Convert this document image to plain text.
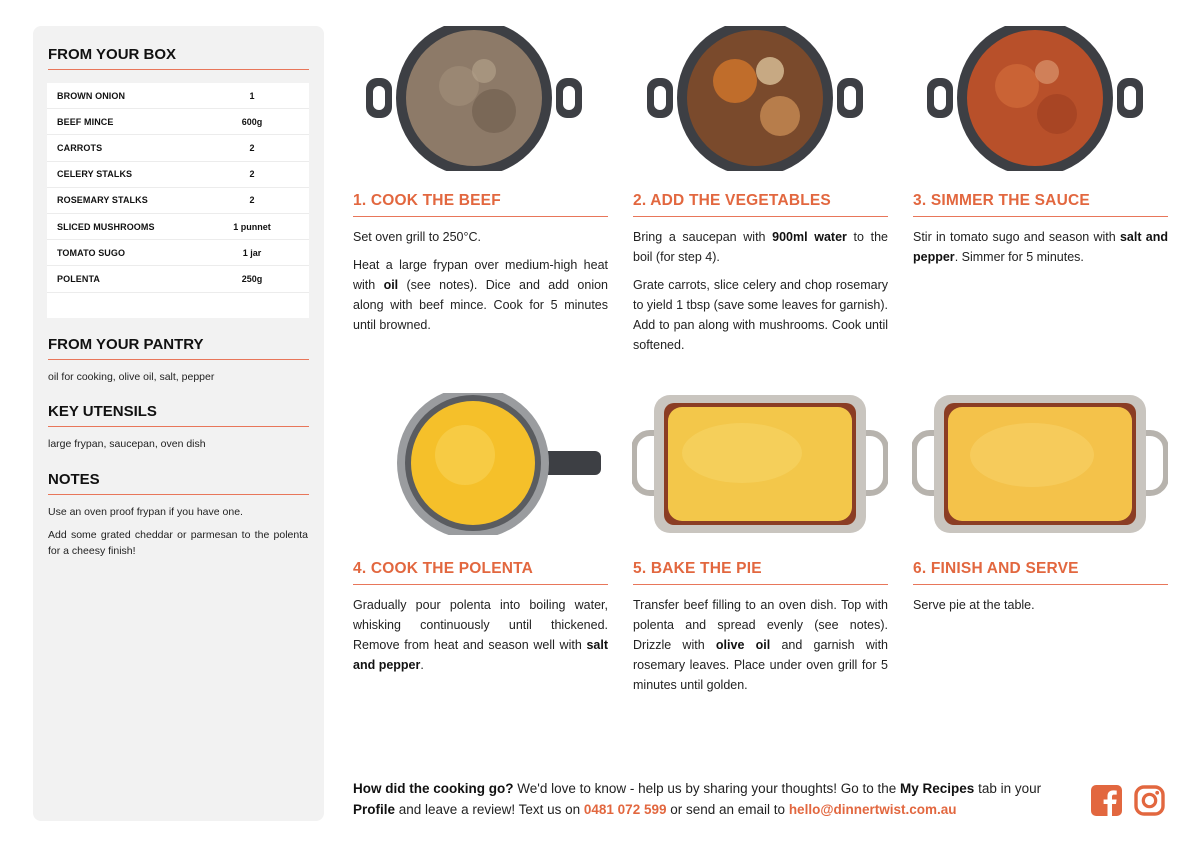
FROM YOUR BOX
BROWN ONION	1
BEEF MINCE	600g
CARROTS	2
CELERY STALKS	2
ROSEMARY STALKS	2
SLICED MUSHROOMS	1 punnet
TOMATO SUGO	1 jar
POLENTA	250g
FROM YOUR PANTRY
oil for cooking, olive oil, salt, pepper
KEY UTENSILS
large frypan, saucepan, oven dish
NOTES

Use an oven proof frypan if you have one.

Add some grated cheddar or parmesan to the polenta for a cheesy finish!

1. COOK THE BEEF

Set oven grill to 250°C.

Heat a large frypan over medium-high heat with oil (see notes). Dice and add onion along with beef mince. Cook for 5 minutes until browned.

2. ADD THE VEGETABLES

Bring a saucepan with 900ml water to the boil (for step 4).

Grate carrots, slice celery and chop rosemary to yield 1 tbsp (save some leaves for garnish). Add to pan along with mushrooms. Cook until softened.

3. SIMMER THE SAUCE

Stir in tomato sugo and season with salt and pepper. Simmer for 5 minutes.

4. COOK THE POLENTA

Gradually pour polenta into boiling water, whisking continuously until thickened. Remove from heat and season well with salt and pepper.

5. BAKE THE PIE

Transfer beef filling to an oven dish. Top with polenta and spread evenly (see notes). Drizzle with olive oil and garnish with rosemary leaves. Place under oven grill for 5 minutes until golden.

6. FINISH AND SERVE

Serve pie at the table.

How did the cooking go? We'd love to know - help us by sharing your thoughts! Go to the My Recipes tab in your Profile and leave a review! Text us on 0481 072 599 or send an email to hello@dinnertwist.com.au
